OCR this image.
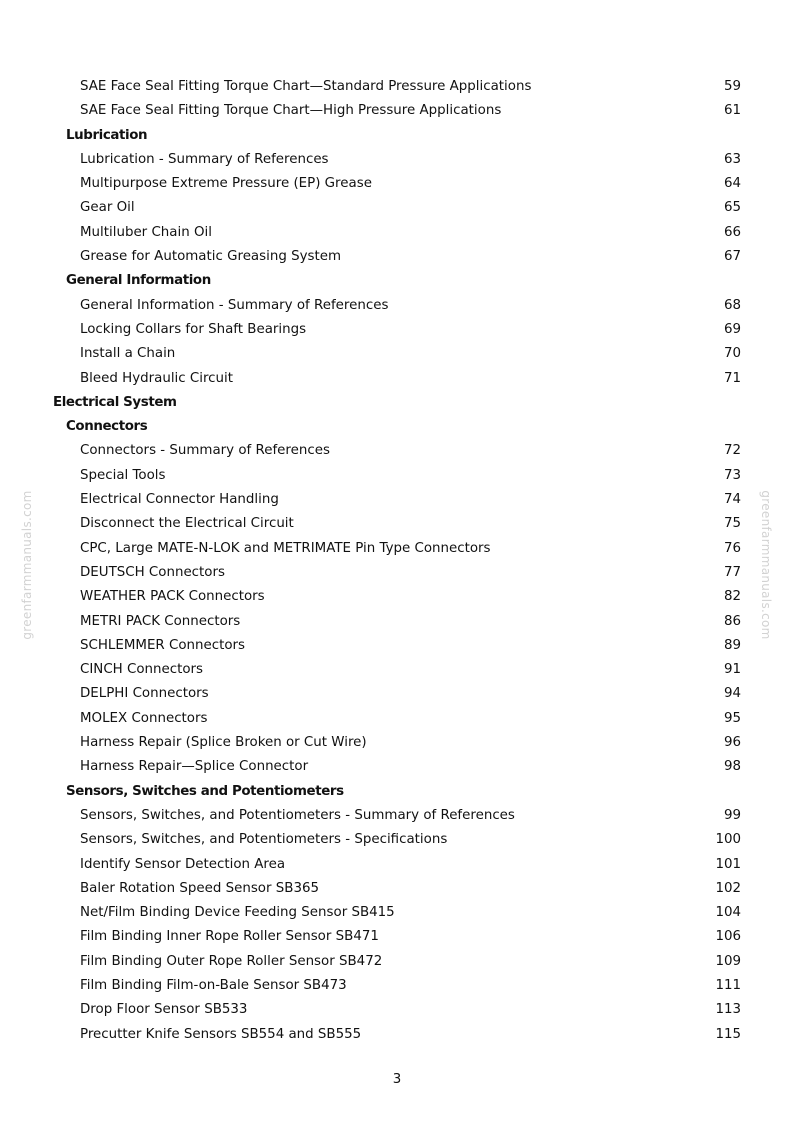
greenfarmmanuals.com	greenfarmmanuals.com
SAE Face Seal Fitting Torque Chart—Standard Pressure Applications	59
SAE Face Seal Fitting Torque Chart—High Pressure Applications	61
Lubrication
Lubrication - Summary of References	63
Multipurpose Extreme Pressure (EP) Grease	64
Gear Oil	65
Multiluber Chain Oil	66
Grease for Automatic Greasing System	67
General Information
General Information - Summary of References	68
Locking Collars for Shaft Bearings	69
Install a Chain	70
Bleed Hydraulic Circuit	71
Electrical System
Connectors
Connectors - Summary of References	72
Special Tools	73
Electrical Connector Handling	74
Disconnect the Electrical Circuit	75
CPC, Large MATE-N-LOK and METRIMATE Pin Type Connectors	76
DEUTSCH Connectors	77
WEATHER PACK Connectors	82
METRI PACK Connectors	86
SCHLEMMER Connectors	89
CINCH Connectors	91
DELPHI Connectors	94
MOLEX Connectors	95
Harness Repair (Splice Broken or Cut Wire)	96
Harness Repair—Splice Connector	98
Sensors, Switches and Potentiometers
Sensors, Switches, and Potentiometers - Summary of References	99
Sensors, Switches, and Potentiometers - Specifications	100
Identify Sensor Detection Area	101
Baler Rotation Speed Sensor SB365	102
Net/Film Binding Device Feeding Sensor SB415	104
Film Binding Inner Rope Roller Sensor SB471	106
Film Binding Outer Rope Roller Sensor SB472	109
Film Binding Film-on-Bale Sensor SB473	111
Drop Floor Sensor SB533	113
Precutter Knife Sensors SB554 and SB555	115
3
